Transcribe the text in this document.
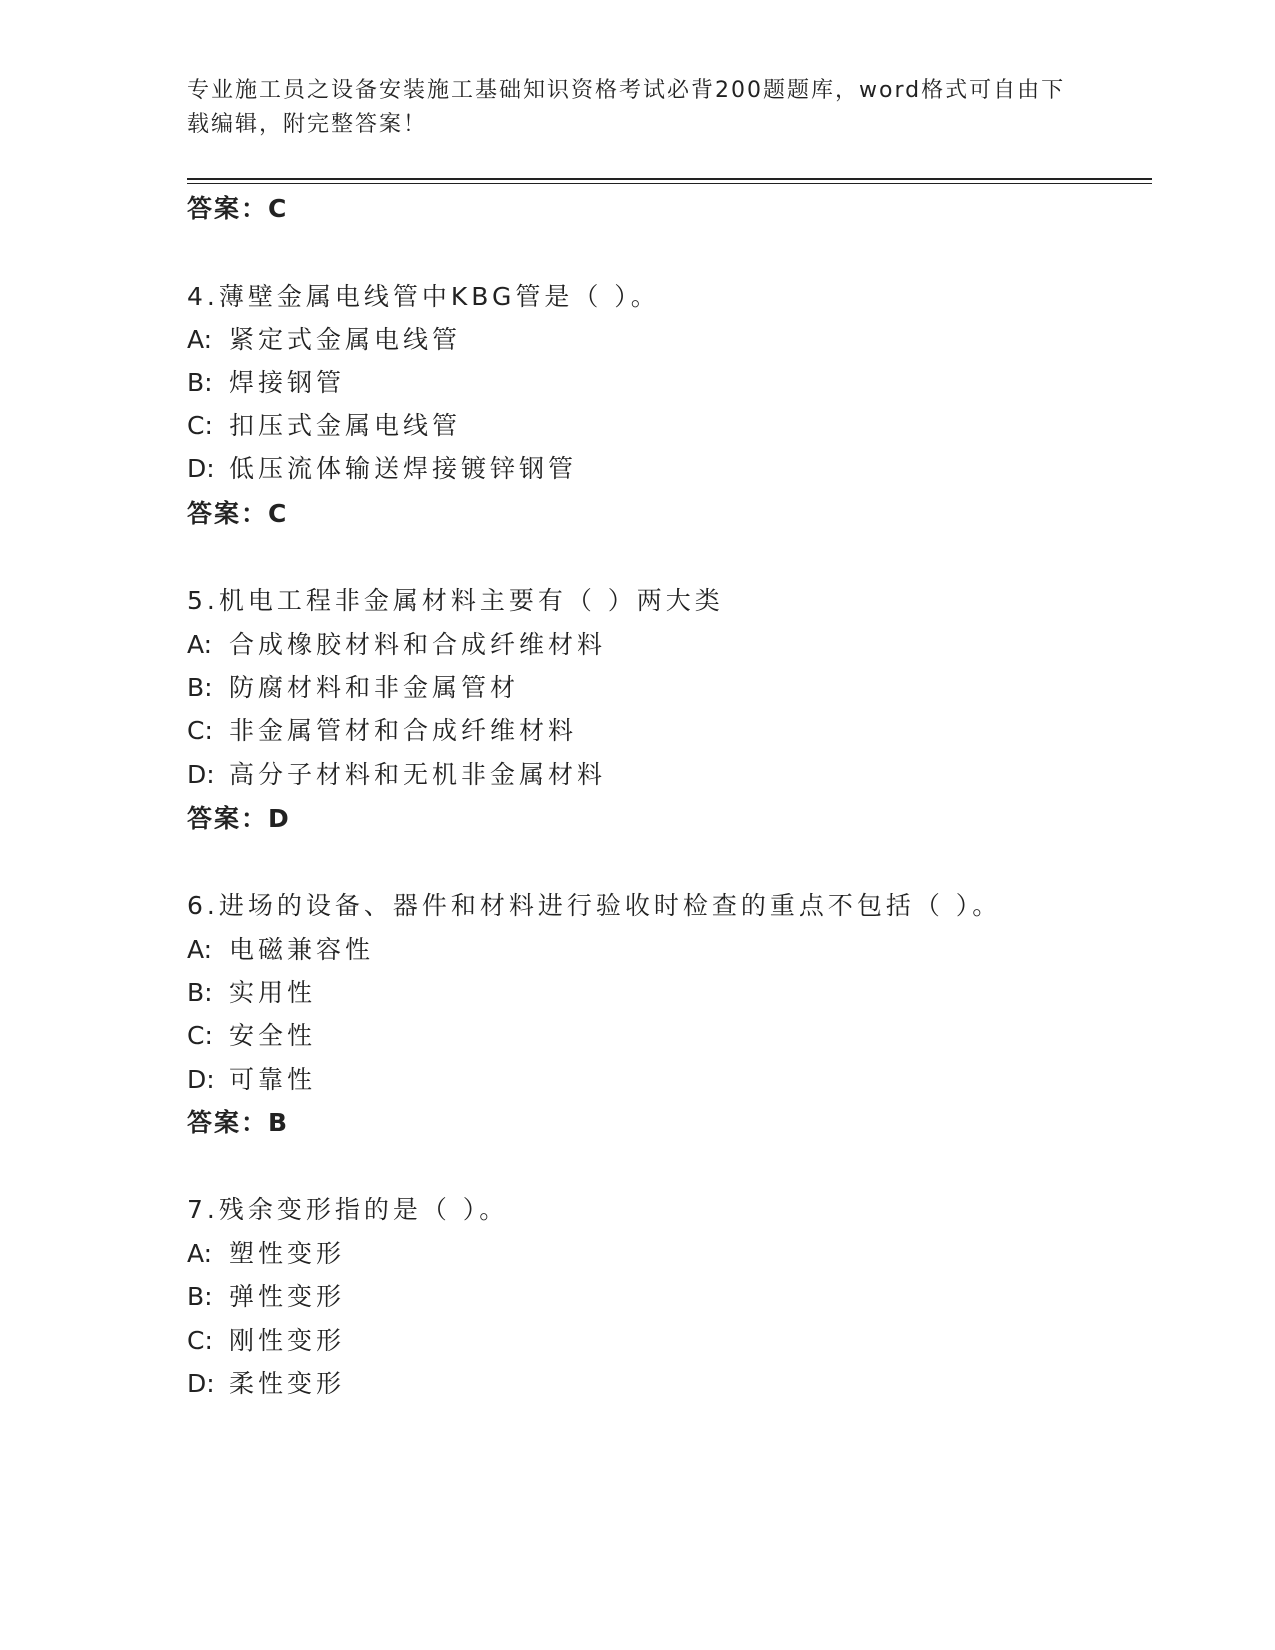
专业施工员之设备安装施工基础知识资格考试必背200题题库，word格式可自由下载编辑，附完整答案！
答案：C
4.薄壁金属电线管中KBG管是（ ）。
A: 紧定式金属电线管
B: 焊接钢管
C: 扣压式金属电线管
D: 低压流体输送焊接镀锌钢管
答案：C
5.机电工程非金属材料主要有（ ）两大类
A: 合成橡胶材料和合成纤维材料
B: 防腐材料和非金属管材
C: 非金属管材和合成纤维材料
D: 高分子材料和无机非金属材料
答案：D
6.进场的设备、器件和材料进行验收时检查的重点不包括（ ）。
A: 电磁兼容性
B: 实用性
C: 安全性
D: 可靠性
答案：B
7.残余变形指的是（ ）。
A: 塑性变形
B: 弹性变形
C: 刚性变形
D: 柔性变形
